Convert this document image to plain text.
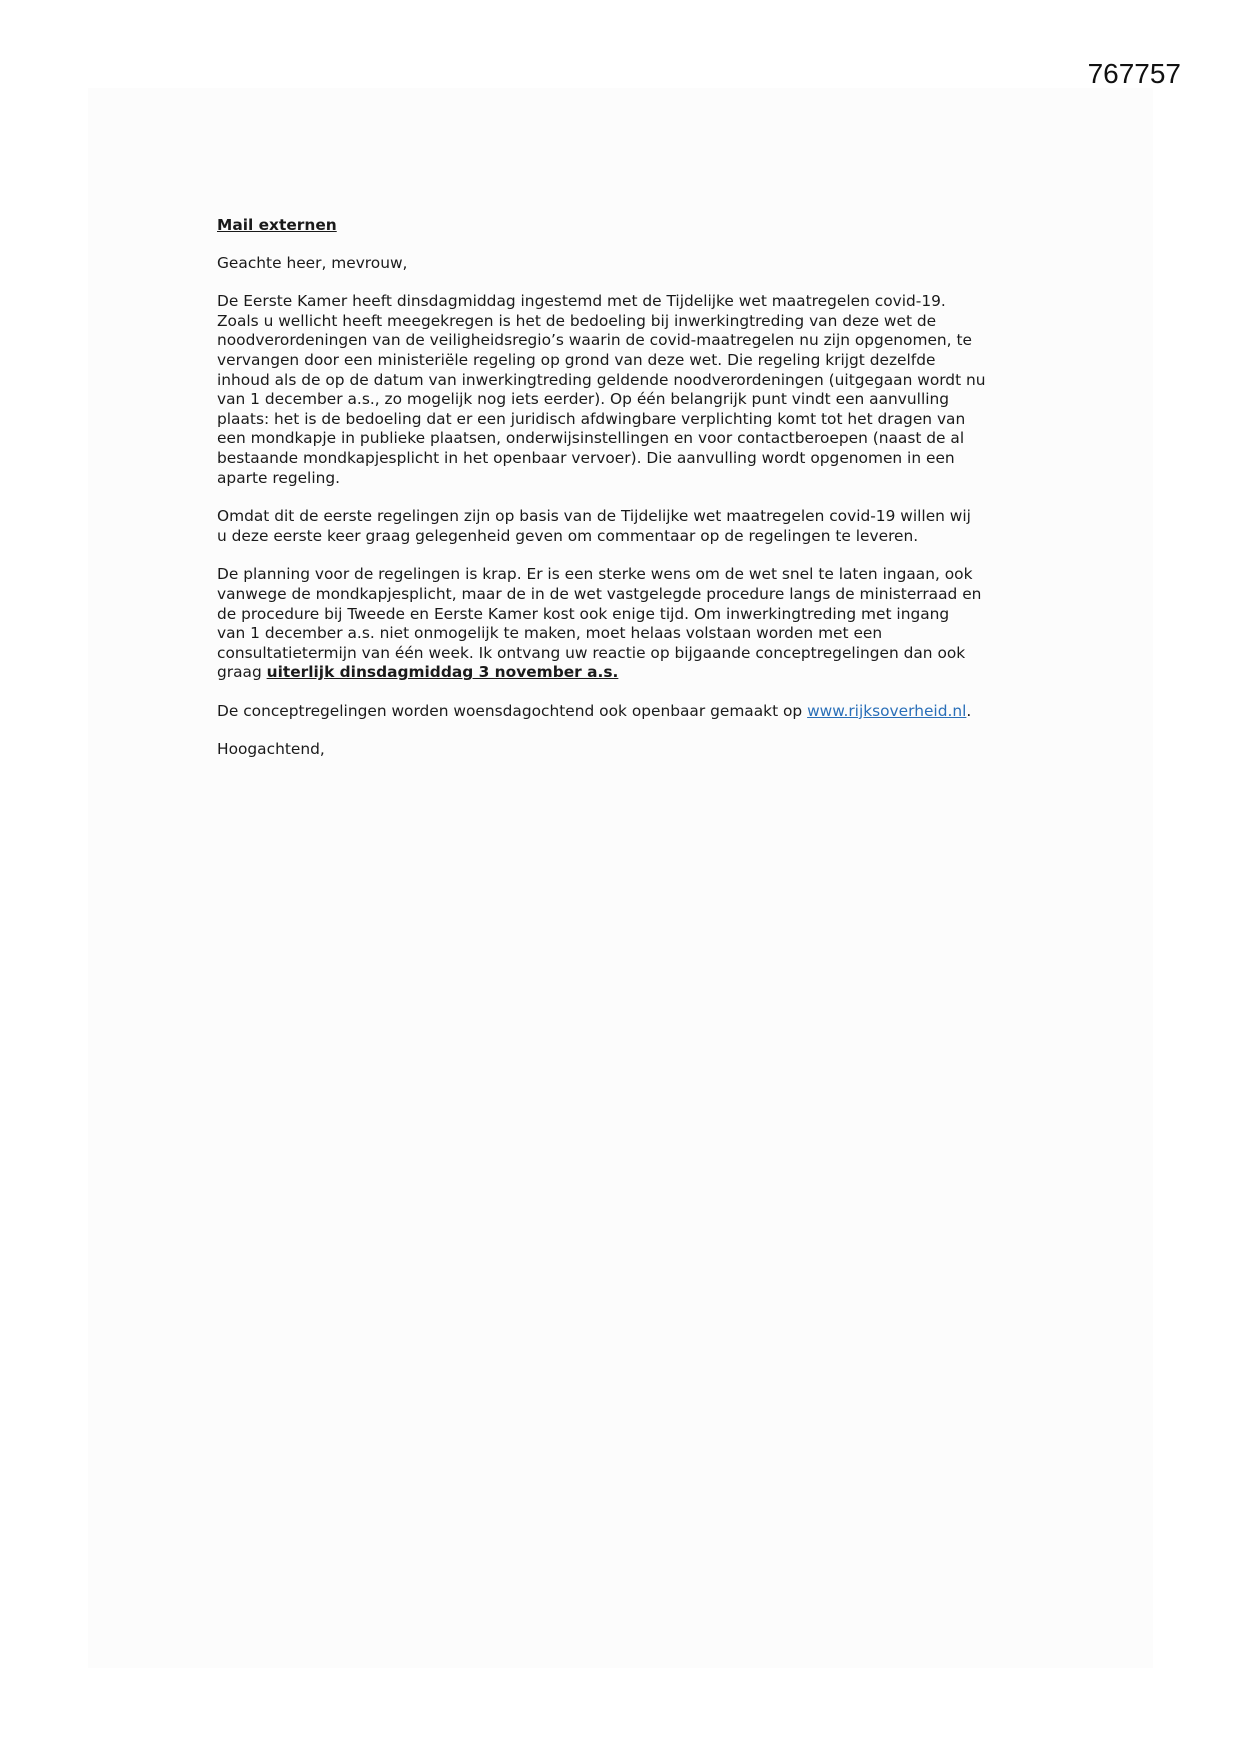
767757

Mail externen

Geachte heer, mevrouw,

De Eerste Kamer heeft dinsdagmiddag ingestemd met de Tijdelijke wet maatregelen covid-19.
Zoals u wellicht heeft meegekregen is het de bedoeling bij inwerkingtreding van deze wet de
noodverordeningen van de veiligheidsregio’s waarin de covid-maatregelen nu zijn opgenomen, te
vervangen door een ministeriële regeling op grond van deze wet. Die regeling krijgt dezelfde
inhoud als de op de datum van inwerkingtreding geldende noodverordeningen (uitgegaan wordt nu
van 1 december a.s., zo mogelijk nog iets eerder). Op één belangrijk punt vindt een aanvulling
plaats: het is de bedoeling dat er een juridisch afdwingbare verplichting komt tot het dragen van
een mondkapje in publieke plaatsen, onderwijsinstellingen en voor contactberoepen (naast de al
bestaande mondkapjesplicht in het openbaar vervoer). Die aanvulling wordt opgenomen in een
aparte regeling.

Omdat dit de eerste regelingen zijn op basis van de Tijdelijke wet maatregelen covid-19 willen wij
u deze eerste keer graag gelegenheid geven om commentaar op de regelingen te leveren.

De planning voor de regelingen is krap. Er is een sterke wens om de wet snel te laten ingaan, ook
vanwege de mondkapjesplicht, maar de in de wet vastgelegde procedure langs de ministerraad en
de procedure bij Tweede en Eerste Kamer kost ook enige tijd. Om inwerkingtreding met ingang
van 1 december a.s. niet onmogelijk te maken, moet helaas volstaan worden met een
consultatietermijn van één week. Ik ontvang uw reactie op bijgaande conceptregelingen dan ook
graag uiterlijk dinsdagmiddag 3 november a.s.

De conceptregelingen worden woensdagochtend ook openbaar gemaakt op www.rijksoverheid.nl.

Hoogachtend,
